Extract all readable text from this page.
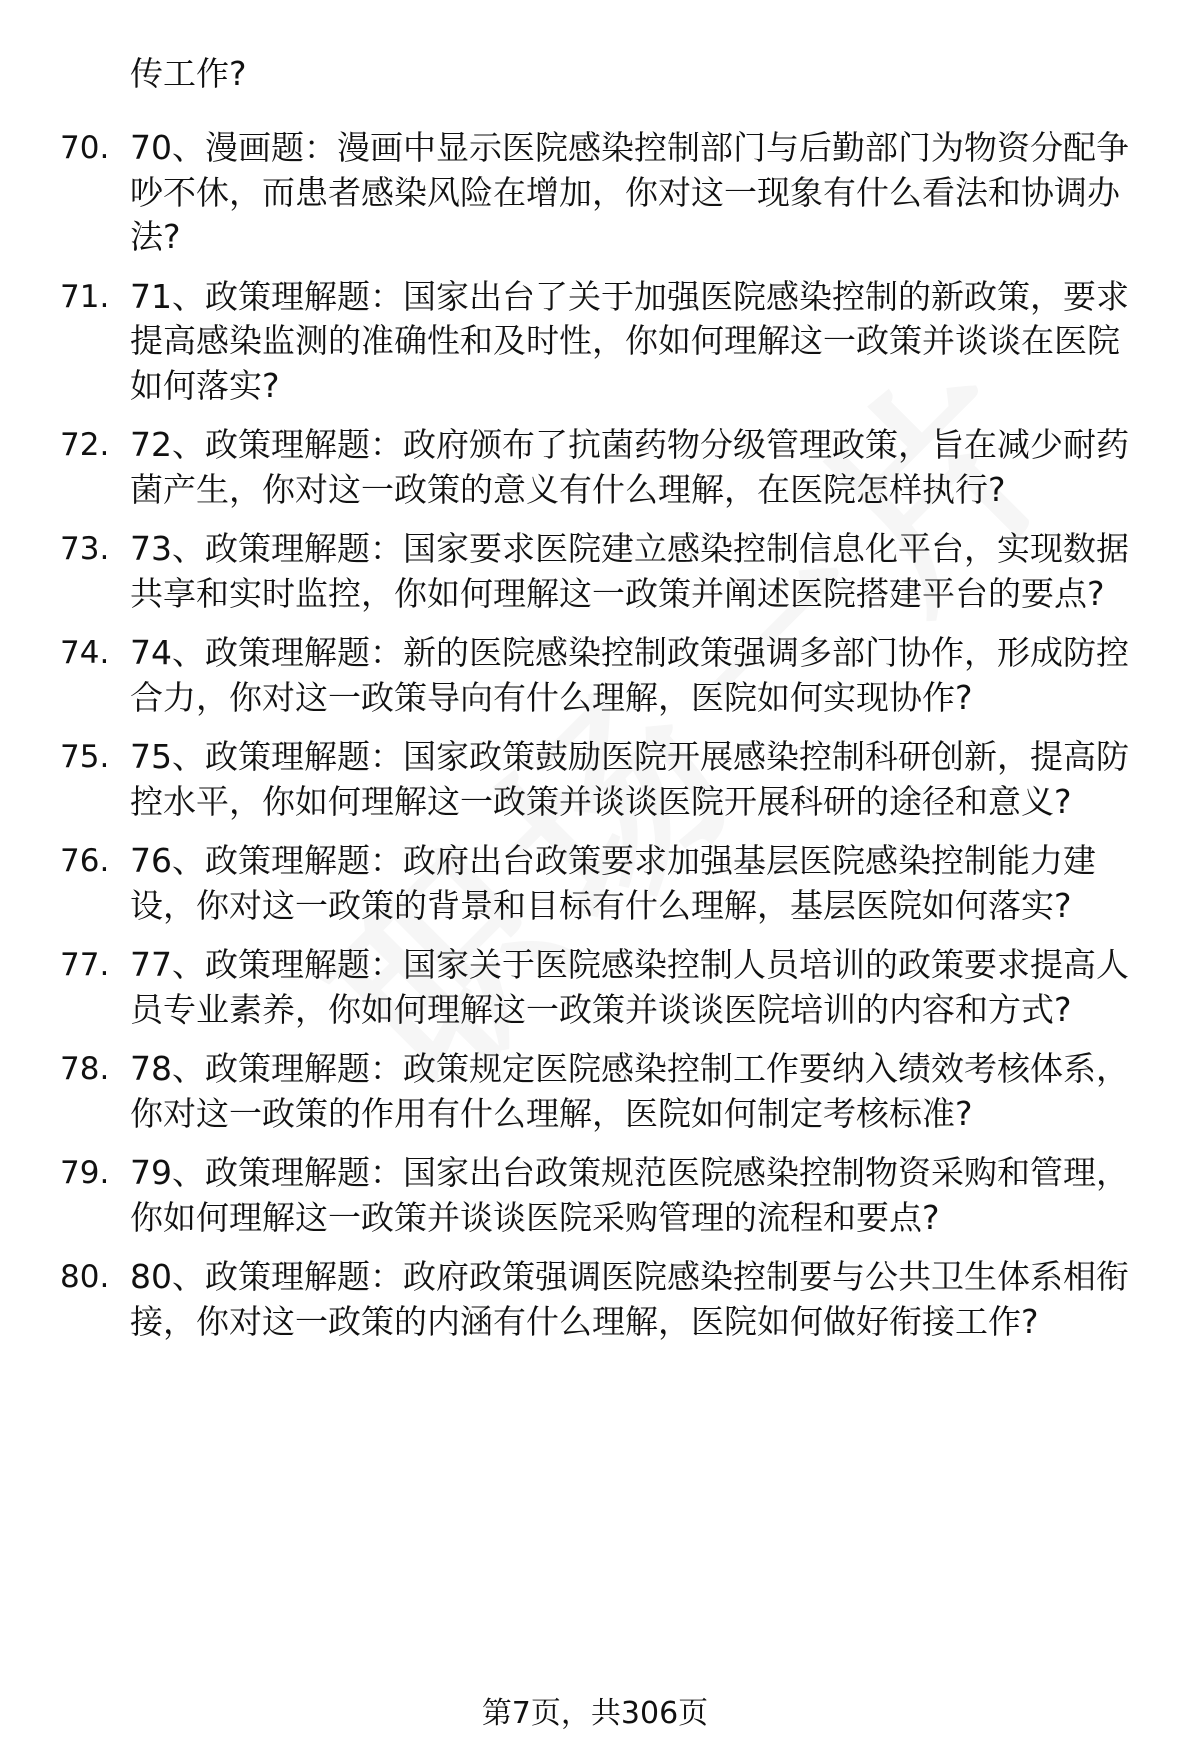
传工作?
70. 70、漫画题：漫画中显示医院感染控制部门与后勤部门为物资分配争吵不休，而患者感染风险在增加，你对这一现象有什么看法和协调办法?
71. 71、政策理解题：国家出台了关于加强医院感染控制的新政策，要求提高感染监测的准确性和及时性，你如何理解这一政策并谈谈在医院如何落实?
72. 72、政策理解题：政府颁布了抗菌药物分级管理政策，旨在减少耐药菌产生，你对这一政策的意义有什么理解，在医院怎样执行?
73. 73、政策理解题：国家要求医院建立感染控制信息化平台，实现数据共享和实时监控，你如何理解这一政策并阐述医院搭建平台的要点?
74. 74、政策理解题：新的医院感染控制政策强调多部门协作，形成防控合力，你对这一政策导向有什么理解，医院如何实现协作?
75. 75、政策理解题：国家政策鼓励医院开展感染控制科研创新，提高防控水平，你如何理解这一政策并谈谈医院开展科研的途径和意义?
76. 76、政策理解题：政府出台政策要求加强基层医院感染控制能力建设，你对这一政策的背景和目标有什么理解，基层医院如何落实?
77. 77、政策理解题：国家关于医院感染控制人员培训的政策要求提高人员专业素养，你如何理解这一政策并谈谈医院培训的内容和方式?
78. 78、政策理解题：政策规定医院感染控制工作要纳入绩效考核体系，你对这一政策的作用有什么理解，医院如何制定考核标准?
79. 79、政策理解题：国家出台政策规范医院感染控制物资采购和管理，你如何理解这一政策并谈谈医院采购管理的流程和要点?
80. 80、政策理解题：政府政策强调医院感染控制要与公共卫生体系相衔接，你对这一政策的内涵有什么理解，医院如何做好衔接工作?
第7页，共306页
